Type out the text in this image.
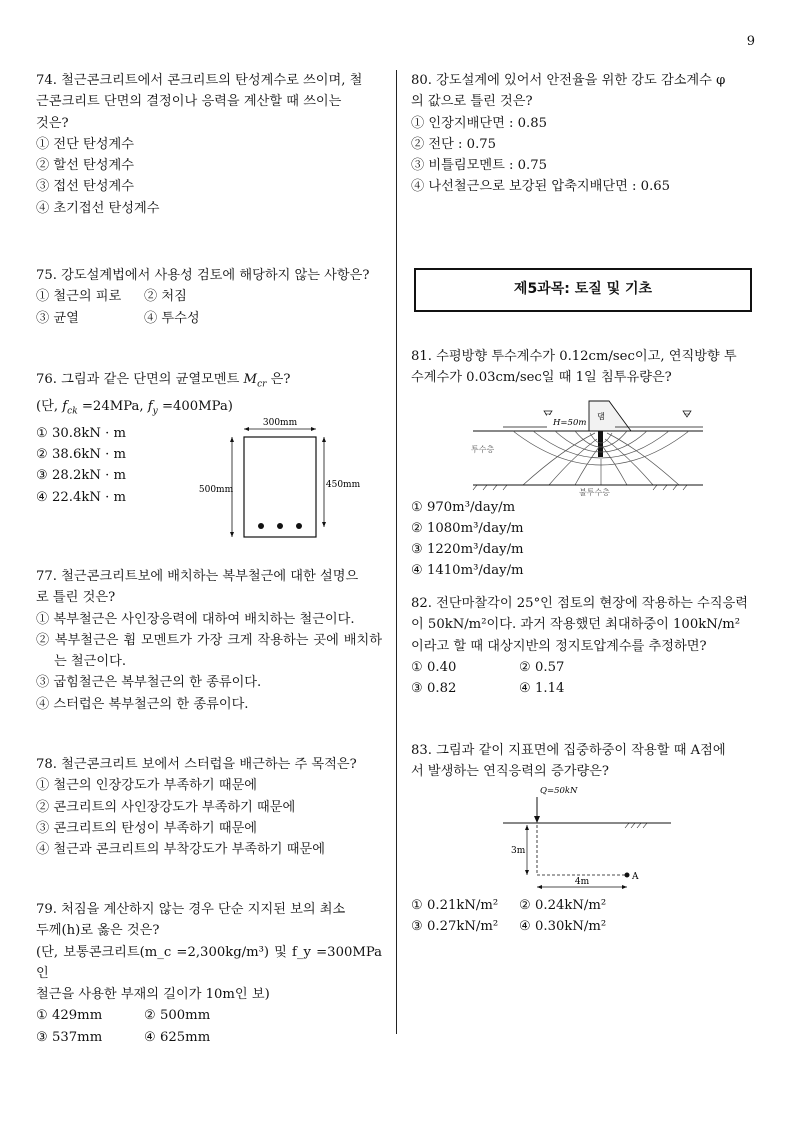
9

74. 철근콘크리트에서 콘크리트의 탄성계수로 쓰이며, 철

근콘크리트 단면의 결정이나 응력을 계산할 때 쓰이는

것은?

① 전단 탄성계수

② 할선 탄성계수

③ 접선 탄성계수

④ 초기접선 탄성계수

75. 강도설계법에서 사용성 검토에 해당하지 않는 사항은?

① 철근의 피로	② 처짐
③ 균열	④ 투수성

76. 그림과 같은 단면의 균열모멘트 $M_{cr}$ 은?

(단, $f_{ck} =24MPa$, $f_y =400MPa$)

① 30.8kN · m

② 38.6kN · m

③ 28.2kN · m

④ 22.4kN · m

300mm
500mm	450mm

77. 철근콘크리트보에 배치하는 복부철근에 대한 설명으

로 틀린 것은?

① 복부철근은 사인장응력에 대하여 배치하는 철근이다.

② 복부철근은 휨 모멘트가 가장 크게 작용하는 곳에 배치하는 철근이다.

③ 굽힘철근은 복부철근의 한 종류이다.

④ 스터럽은 복부철근의 한 종류이다.

78. 철근콘크리트 보에서 스터럽을 배근하는 주 목적은?

① 철근의 인장강도가 부족하기 때문에

② 콘크리트의 사인장강도가 부족하기 때문에

③ 콘크리트의 탄성이 부족하기 때문에

④ 철근과 콘크리트의 부착강도가 부족하기 때문에

79. 처짐을 계산하지 않는 경우 단순 지지된 보의 최소

두께(h)로 옳은 것은?

(단, 보통콘크리트(m_c =2,300kg/m³) 및 f_y =300MPa인

철근을 사용한 부재의 길이가 10m인 보)

① 429mm	② 500mm
③ 537mm	④ 625mm

80. 강도설계에 있어서 안전율을 위한 강도 감소계수 φ

의 값으로 틀린 것은?

① 인장지배단면 : 0.85

② 전단 : 0.75

③ 비틀림모멘트 : 0.75

④ 나선철근으로 보강된 압축지배단면 : 0.65

제5과목: 토질 및 기초

81. 수평방향 투수계수가 0.12cm/sec이고, 연직방향 투

수계수가 0.03cm/sec일 때 1일 침투유량은?

H=50m
댐
투수층
불투수층

① 970m³/day/m

② 1080m³/day/m

③ 1220m³/day/m

④ 1410m³/day/m

82. 전단마찰각이 25°인 점토의 현장에 작용하는 수직응력

이 50kN/m²이다. 과거 작용했던 최대하중이 100kN/m²

이라고 할 때 대상지반의 정지토압계수를 추정하면?

① 0.40	② 0.57
③ 0.82	④ 1.14

83. 그림과 같이 지표면에 집중하중이 작용할 때 A점에

서 발생하는 연직응력의 증가량은?

Q=50kN
A
3m
4m
① 0.21kN/m²	② 0.24kN/m²
③ 0.27kN/m²	④ 0.30kN/m²
